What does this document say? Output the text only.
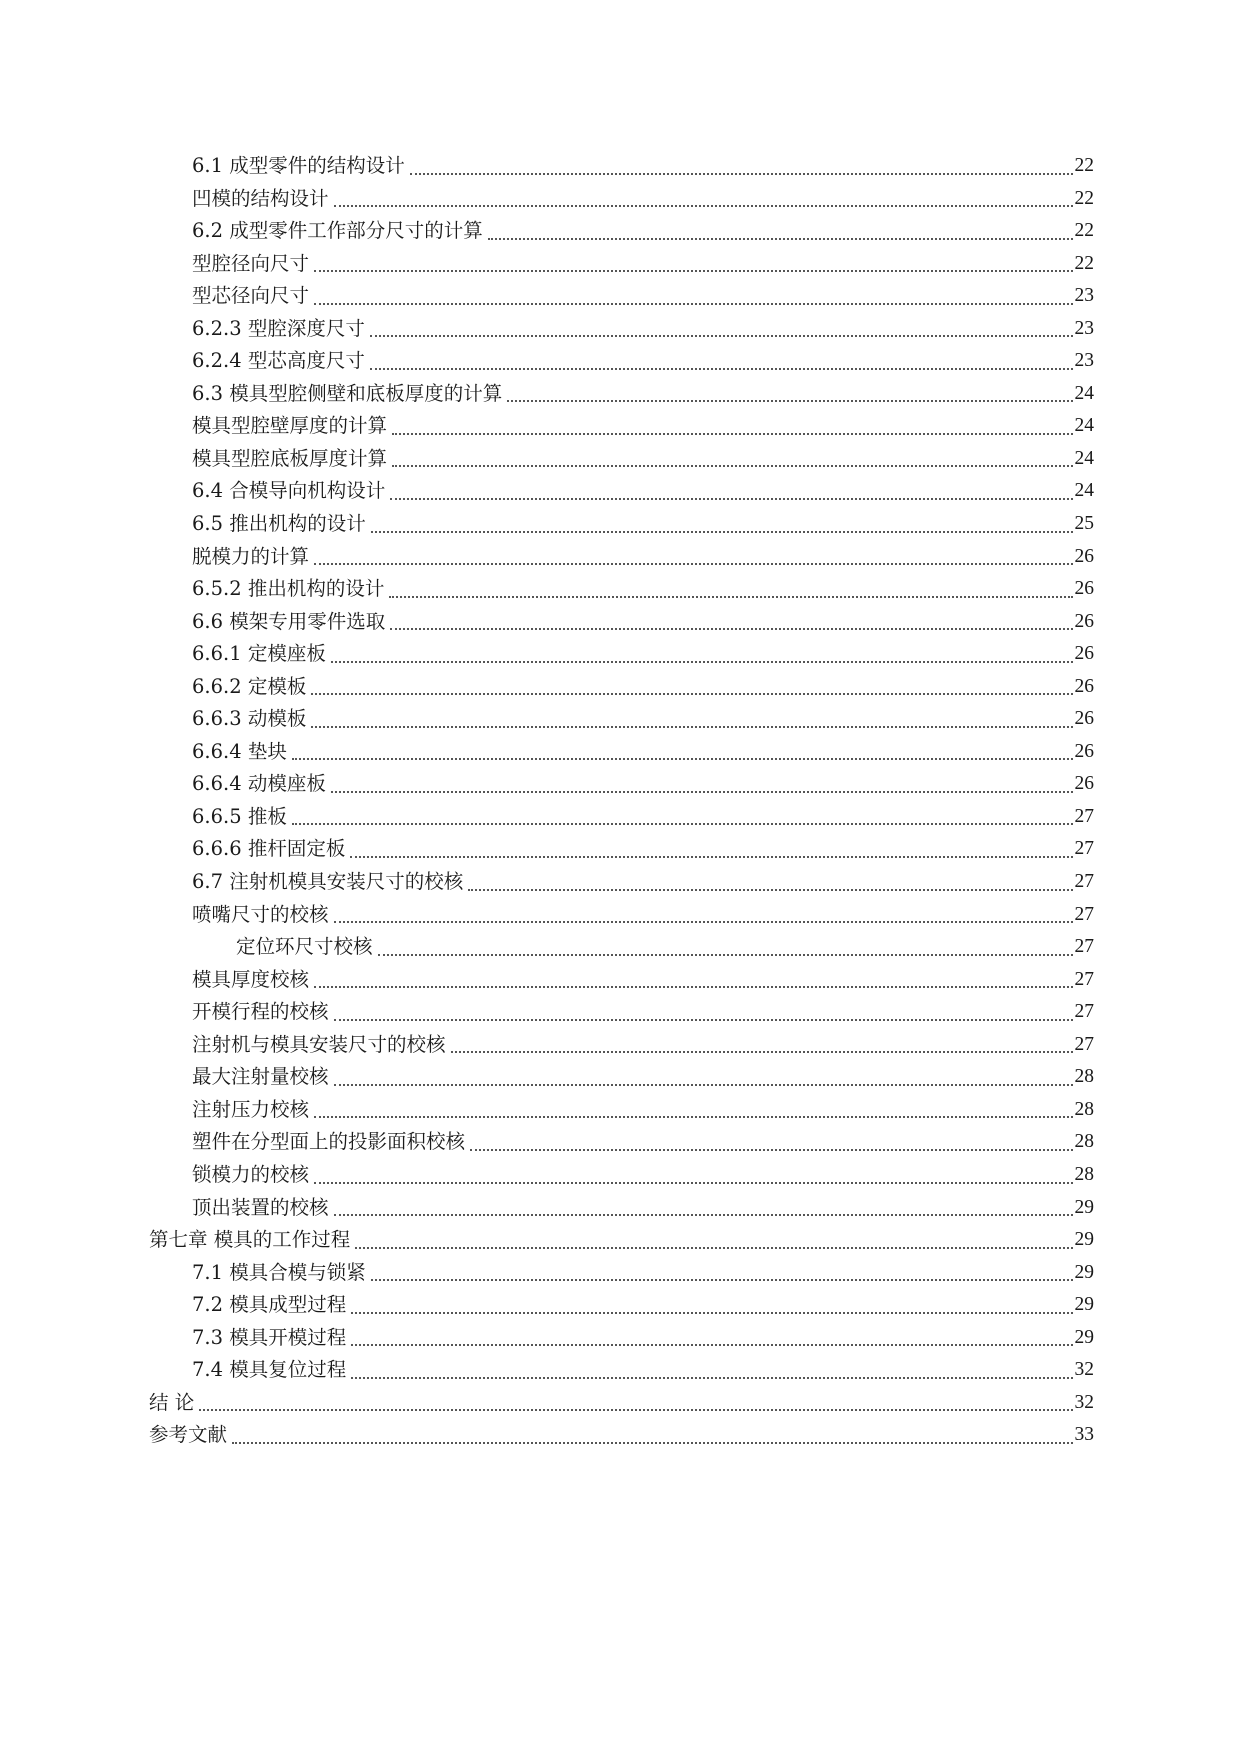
6.1 成型零件的结构设计	22
凹模的结构设计	22
6.2 成型零件工作部分尺寸的计算	22
型腔径向尺寸	22
型芯径向尺寸	23
6.2.3 型腔深度尺寸	23
6.2.4 型芯高度尺寸	23
6.3 模具型腔侧壁和底板厚度的计算	24
模具型腔壁厚度的计算	24
模具型腔底板厚度计算	24
6.4 合模导向机构设计	24
6.5 推出机构的设计	25
脱模力的计算	26
6.5.2 推出机构的设计	26
6.6 模架专用零件选取	26
6.6.1 定模座板	26
6.6.2 定模板	26
6.6.3 动模板	26
6.6.4 垫块	26
6.6.4 动模座板	26
6.6.5 推板	27
6.6.6 推杆固定板	27
6.7 注射机模具安装尺寸的校核	27
喷嘴尺寸的校核	27
定位环尺寸校核	27
模具厚度校核	27
开模行程的校核	27
注射机与模具安装尺寸的校核	27
最大注射量校核	28
注射压力校核	28
塑件在分型面上的投影面积校核	28
锁模力的校核	28
顶出装置的校核	29
第七章 模具的工作过程	29
7.1 模具合模与锁紧	29
7.2 模具成型过程	29
7.3 模具开模过程	29
7.4 模具复位过程	32
结 论	32
参考文献	33
